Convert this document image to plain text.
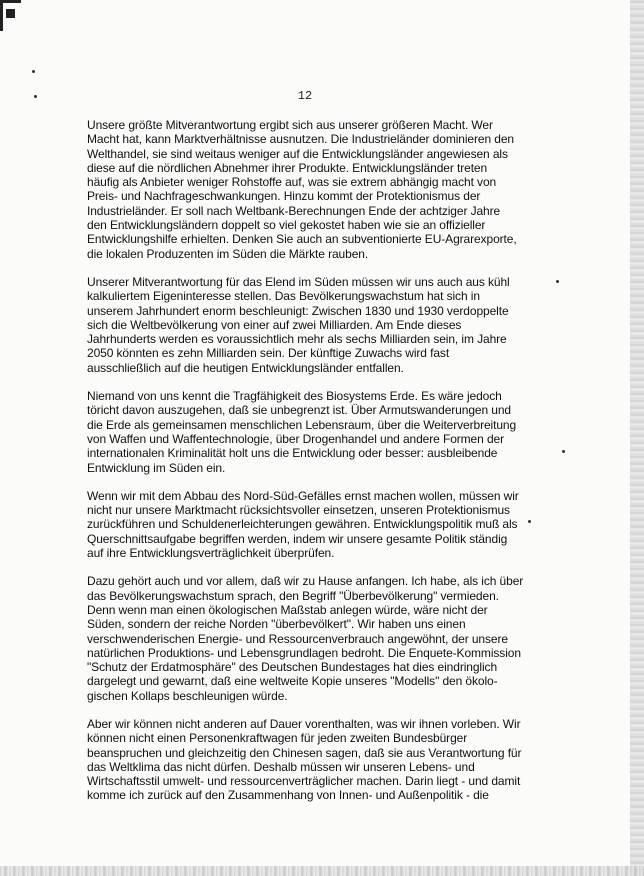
12
Unsere größte Mitverantwortung ergibt sich aus unserer größeren Macht. Wer
Macht hat, kann Marktverhältnisse ausnutzen. Die Industrieländer dominieren den
Welthandel, sie sind weitaus weniger auf die Entwicklungsländer angewiesen als
diese auf die nördlichen Abnehmer ihrer Produkte. Entwicklungsländer treten
häufig als Anbieter weniger Rohstoffe auf, was sie extrem abhängig macht von
Preis- und Nachfrageschwankungen. Hinzu kommt der Protektionismus der
Industrieländer. Er soll nach Weltbank-Berechnungen Ende der achtziger Jahre
den Entwicklungsländern doppelt so viel gekostet haben wie sie an offizieller
Entwicklungshilfe erhielten. Denken Sie auch an subventionierte EU-Agrarexporte,
die lokalen Produzenten im Süden die Märkte rauben.
Unserer Mitverantwortung für das Elend im Süden müssen wir uns auch aus kühl
kalkuliertem Eigeninteresse stellen. Das Bevölkerungswachstum hat sich in
unserem Jahrhundert enorm beschleunigt: Zwischen 1830 und 1930 verdoppelte
sich die Weltbevölkerung von einer auf zwei Milliarden. Am Ende dieses
Jahrhunderts werden es voraussichtlich mehr als sechs Milliarden sein, im Jahre
2050 könnten es zehn Milliarden sein. Der künftige Zuwachs wird fast
ausschließlich auf die heutigen Entwicklungsländer entfallen.
Niemand von uns kennt die Tragfähigkeit des Biosystems Erde. Es wäre jedoch
töricht davon auszugehen, daß sie unbegrenzt ist. Über Armutswanderungen und
die Erde als gemeinsamen menschlichen Lebensraum, über die Weiterverbreitung
von Waffen und Waffentechnologie, über Drogenhandel und andere Formen der
internationalen Kriminalität holt uns die Entwicklung oder besser: ausbleibende
Entwicklung im Süden ein.
Wenn wir mit dem Abbau des Nord-Süd-Gefälles ernst machen wollen, müssen wir
nicht nur unsere Marktmacht rücksichtsvoller einsetzen, unseren Protektionismus
zurückführen und Schuldenerleichterungen gewähren. Entwicklungspolitik muß als
Querschnittsaufgabe begriffen werden, indem wir unsere gesamte Politik ständig
auf ihre Entwicklungsverträglichkeit überprüfen.
Dazu gehört auch und vor allem, daß wir zu Hause anfangen. Ich habe, als ich über
das Bevölkerungswachstum sprach, den Begriff "Überbevölkerung" vermieden.
Denn wenn man einen ökologischen Maßstab anlegen würde, wäre nicht der
Süden, sondern der reiche Norden "überbevölkert". Wir haben uns einen
verschwenderischen Energie- und Ressourcenverbrauch angewöhnt, der unsere
natürlichen Produktions- und Lebensgrundlagen bedroht. Die Enquete-Kommission
"Schutz der Erdatmosphäre" des Deutschen Bundestages hat dies eindringlich
dargelegt und gewarnt, daß eine weltweite Kopie unseres "Modells" den ökolo-
gischen Kollaps beschleunigen würde.
Aber wir können nicht anderen auf Dauer vorenthalten, was wir ihnen vorleben. Wir
können nicht einen Personenkraftwagen für jeden zweiten Bundesbürger
beanspruchen und gleichzeitig den Chinesen sagen, daß sie aus Verantwortung für
das Weltklima das nicht dürfen. Deshalb müssen wir unseren Lebens- und
Wirtschaftsstil umwelt- und ressourcenverträglicher machen. Darin liegt - und damit
komme ich zurück auf den Zusammenhang von Innen- und Außenpolitik - die
